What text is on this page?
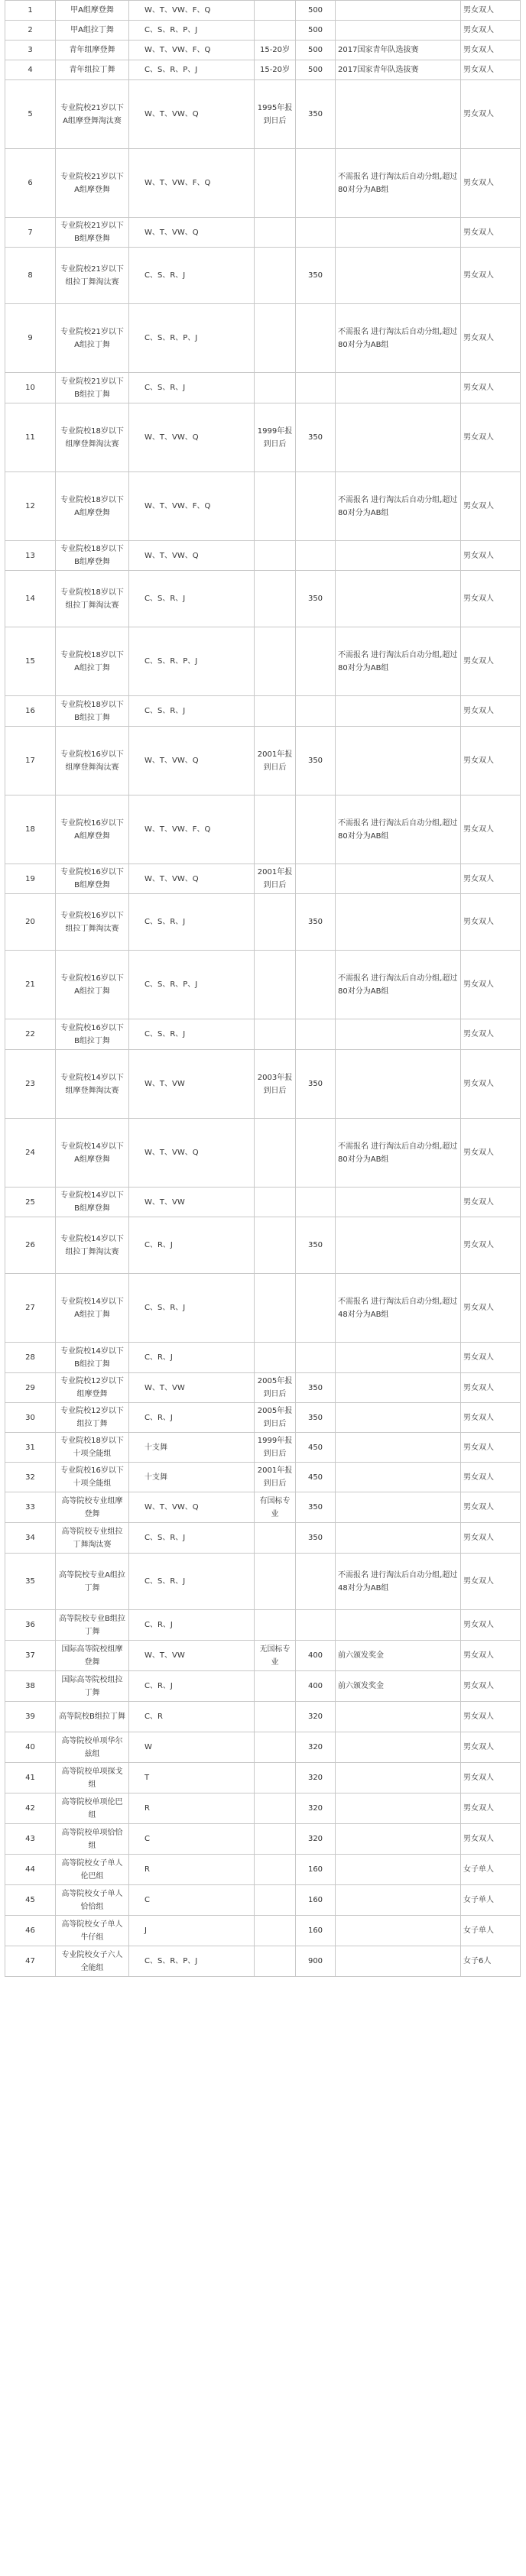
1	甲A组摩登舞	W、T、VW、F、Q		500		男女双人
2	甲A组拉丁舞	C、S、R、P、J		500		男女双人
3	青年组摩登舞	W、T、VW、F、Q	15-20岁	500	2017国家青年队选拔赛	男女双人
4	青年组拉丁舞	C、S、R、P、J	15-20岁	500	2017国家青年队选拔赛	男女双人
5	专业院校21岁以下A组摩登舞淘汰赛	W、T、VW、Q	1995年报到日后	350		男女双人
6	专业院校21岁以下A组摩登舞	W、T、VW、F、Q			不需报名 进行淘汰后自动分组,超过80对分为AB组	男女双人
7	专业院校21岁以下B组摩登舞	W、T、VW、Q				男女双人
8	专业院校21岁以下组拉丁舞淘汰赛	C、S、R、J		350		男女双人
9	专业院校21岁以下A组拉丁舞	C、S、R、P、J			不需报名 进行淘汰后自动分组,超过80对分为AB组	男女双人
10	专业院校21岁以下B组拉丁舞	C、S、R、J				男女双人
11	专业院校18岁以下组摩登舞淘汰赛	W、T、VW、Q	1999年报到日后	350		男女双人
12	专业院校18岁以下A组摩登舞	W、T、VW、F、Q			不需报名 进行淘汰后自动分组,超过80对分为AB组	男女双人
13	专业院校18岁以下B组摩登舞	W、T、VW、Q				男女双人
14	专业院校18岁以下组拉丁舞淘汰赛	C、S、R、J		350		男女双人
15	专业院校18岁以下A组拉丁舞	C、S、R、P、J			不需报名 进行淘汰后自动分组,超过80对分为AB组	男女双人
16	专业院校18岁以下B组拉丁舞	C、S、R、J				男女双人
17	专业院校16岁以下组摩登舞淘汰赛	W、T、VW、Q	2001年报到日后	350		男女双人
18	专业院校16岁以下A组摩登舞	W、T、VW、F、Q			不需报名 进行淘汰后自动分组,超过80对分为AB组	男女双人
19	专业院校16岁以下B组摩登舞	W、T、VW、Q	2001年报到日后			男女双人
20	专业院校16岁以下组拉丁舞淘汰赛	C、S、R、J		350		男女双人
21	专业院校16岁以下A组拉丁舞	C、S、R、P、J			不需报名 进行淘汰后自动分组,超过80对分为AB组	男女双人
22	专业院校16岁以下B组拉丁舞	C、S、R、J				男女双人
23	专业院校14岁以下组摩登舞淘汰赛	W、T、VW	2003年报到日后	350		男女双人
24	专业院校14岁以下A组摩登舞	W、T、VW、Q			不需报名 进行淘汰后自动分组,超过80对分为AB组	男女双人
25	专业院校14岁以下B组摩登舞	W、T、VW				男女双人
26	专业院校14岁以下组拉丁舞淘汰赛	C、R、J		350		男女双人
27	专业院校14岁以下A组拉丁舞	C、S、R、J			不需报名 进行淘汰后自动分组,超过48对分为AB组	男女双人
28	专业院校14岁以下B组拉丁舞	C、R、J				男女双人
29	专业院校12岁以下组摩登舞	W、T、VW	2005年报到日后	350		男女双人
30	专业院校12岁以下组拉丁舞	C、R、J	2005年报到日后	350		男女双人
31	专业院校18岁以下十项全能组	十支舞	1999年报到日后	450		男女双人
32	专业院校16岁以下十项全能组	十支舞	2001年报到日后	450		男女双人
33	高等院校专业组摩登舞	W、T、VW、Q	有国标专业	350		男女双人
34	高等院校专业组拉丁舞淘汰赛	C、S、R、J		350		男女双人
35	高等院校专业A组拉丁舞	C、S、R、J			不需报名 进行淘汰后自动分组,超过48对分为AB组	男女双人
36	高等院校专业B组拉丁舞	C、R、J				男女双人
37	国际高等院校组摩登舞	W、T、VW	无国标专业	400	前六颁发奖金	男女双人
38	国际高等院校组拉丁舞	C、R、J		400	前六颁发奖金	男女双人
39	高等院校B组拉丁舞	C、R		320		男女双人
40	高等院校单项华尔兹组	W		320		男女双人
41	高等院校单项探戈组	T		320		男女双人
42	高等院校单项伦巴组	R		320		男女双人
43	高等院校单项恰恰组	C		320		男女双人
44	高等院校女子单人伦巴组	R		160		女子单人
45	高等院校女子单人恰恰组	C		160		女子单人
46	高等院校女子单人牛仔组	J		160		女子单人
47	专业院校女子六人全能组	C、S、R、P、J		900		女子6人
